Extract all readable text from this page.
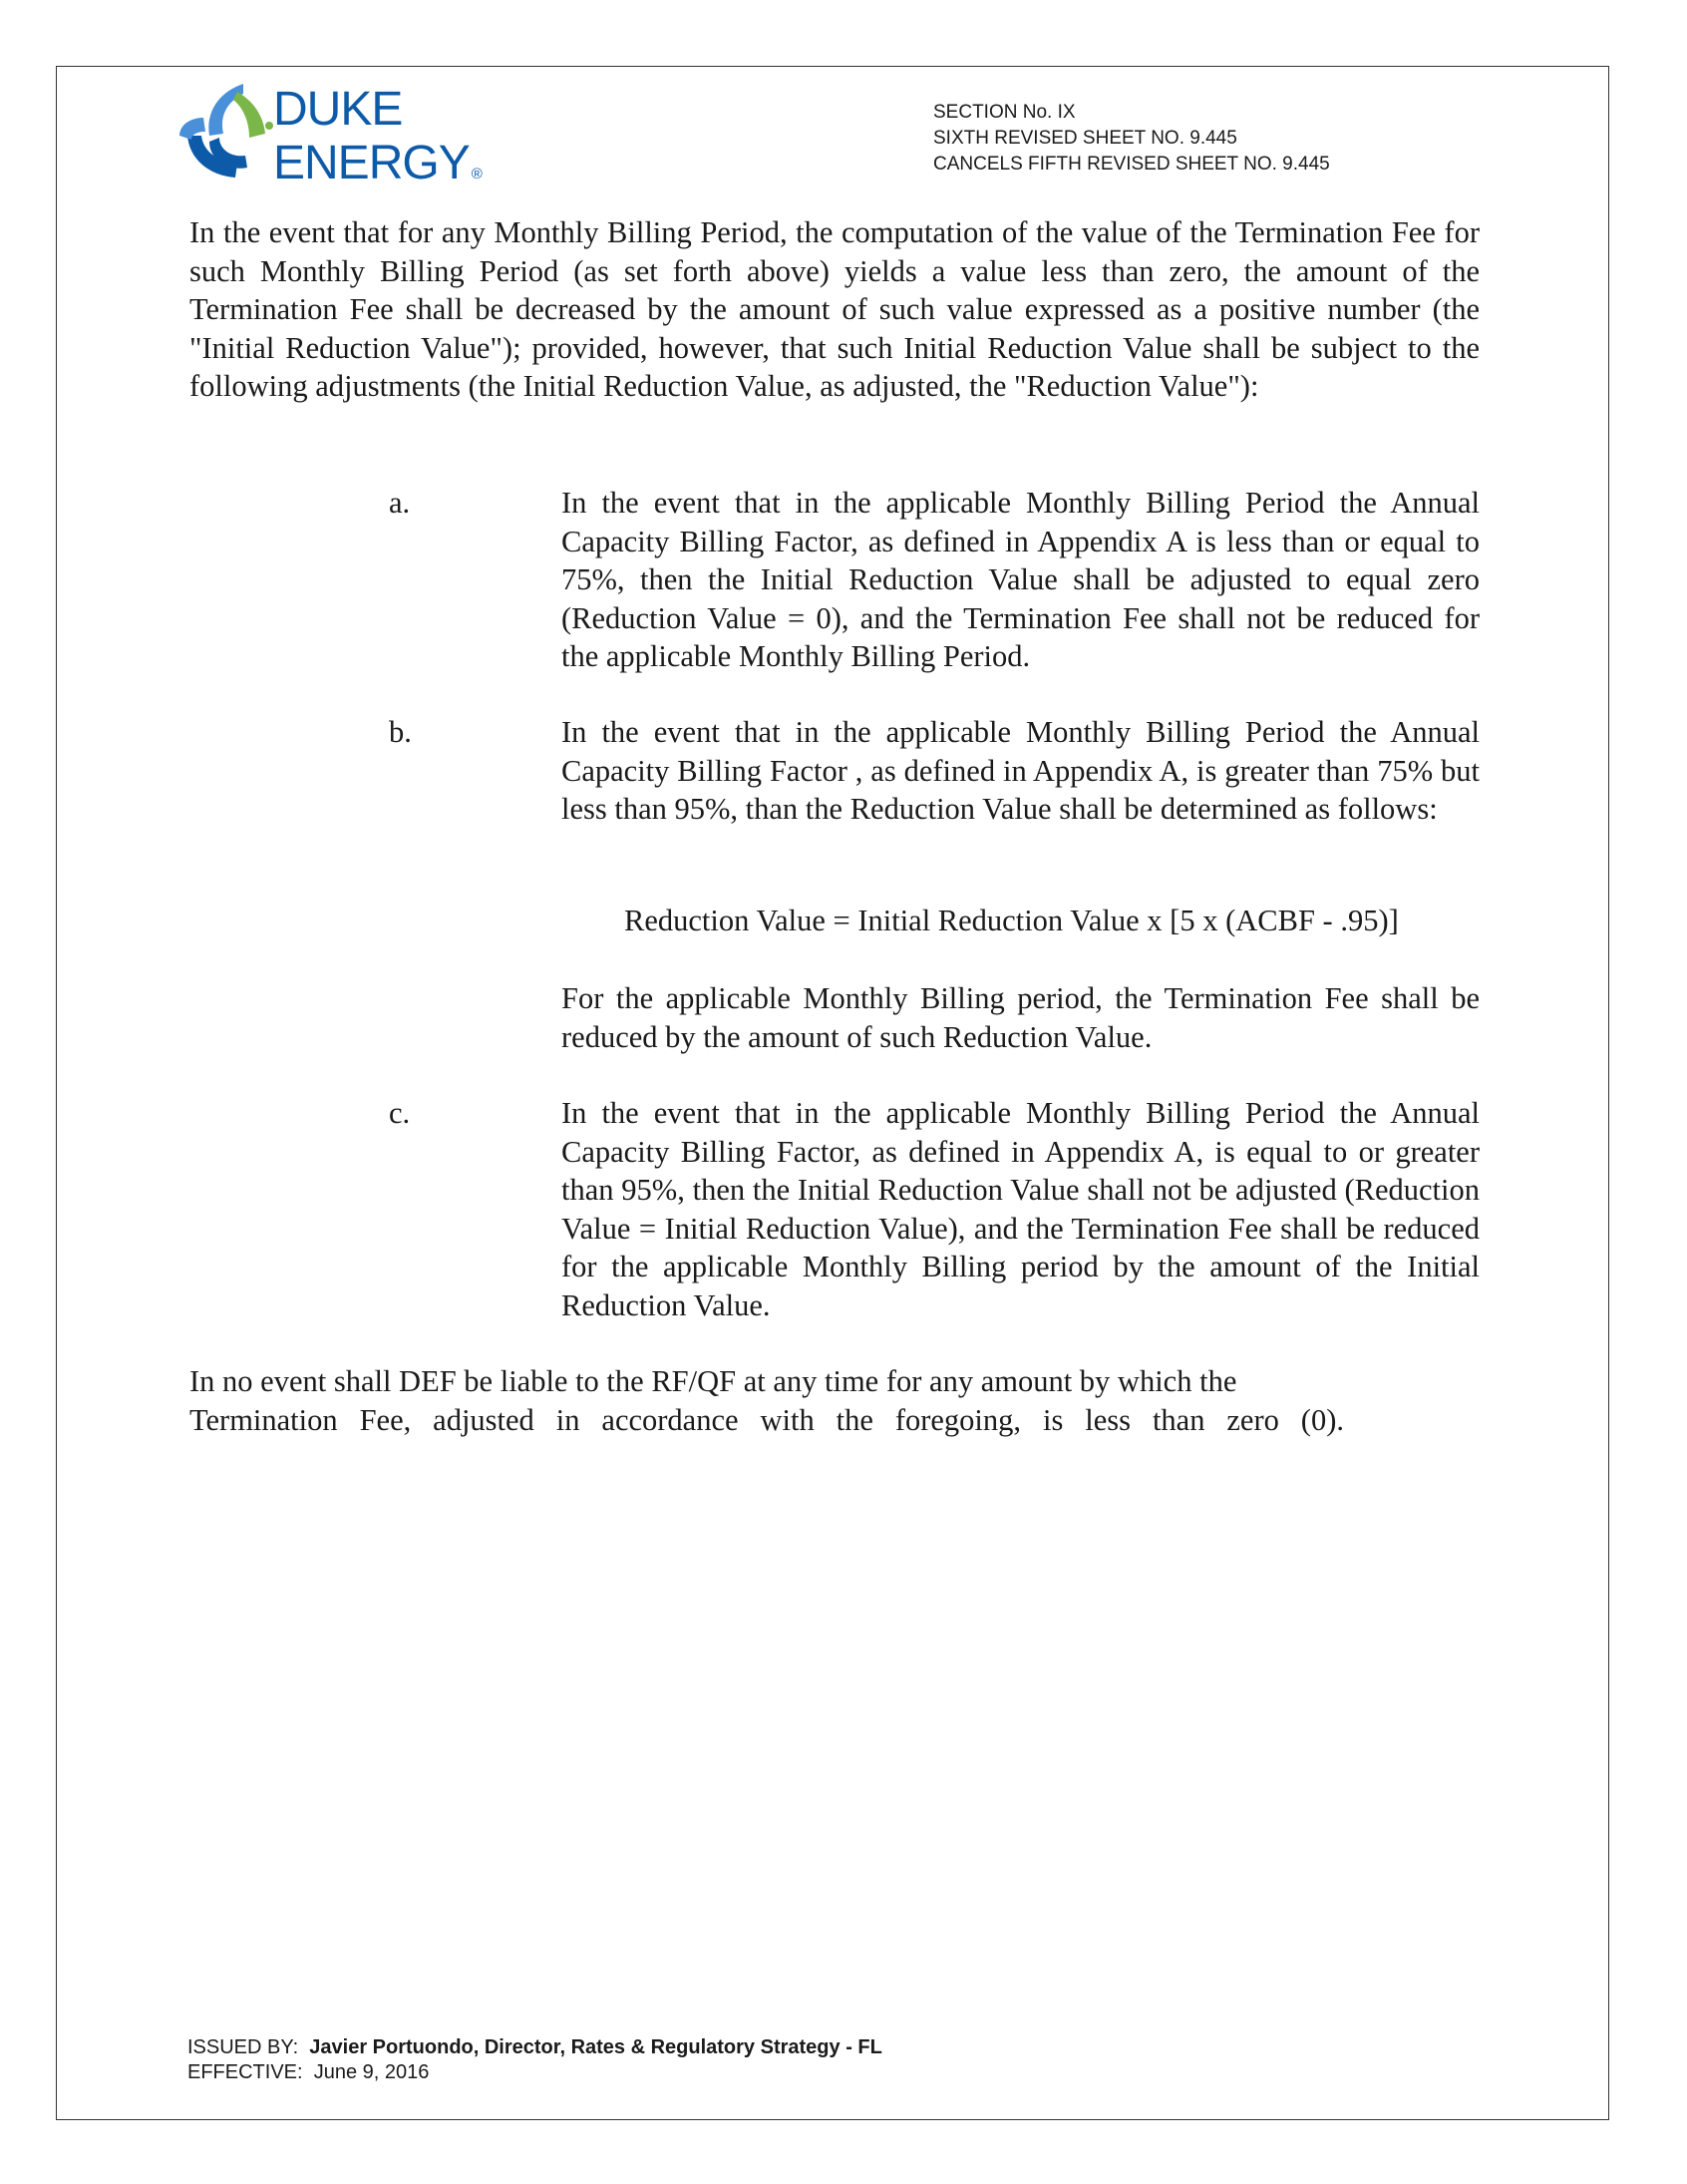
DUKE
ENERGY ®
SECTION No. IX
SIXTH REVISED SHEET NO. 9.445
CANCELS FIFTH REVISED SHEET NO. 9.445

In the event that for any Monthly Billing Period, the computation of the value of the Termination Fee for such Monthly Billing Period (as set forth above) yields a value less than zero, the amount of the Termination Fee shall be decreased by the amount of such value expressed as a positive number (the "Initial Reduction Value"); provided, however, that such Initial Reduction Value shall be subject to the following adjustments (the Initial Reduction Value, as adjusted, the "Reduction Value"):

a.	In the event that in the applicable Monthly Billing Period the Annual Capacity Billing Factor, as defined in Appendix A is less than or equal to 75%, then the Initial Reduction Value shall be adjusted to equal zero (Reduction Value = 0), and the Termination Fee shall not be reduced for the applicable Monthly Billing Period.

b.	In the event that in the applicable Monthly Billing Period the Annual Capacity Billing Factor , as defined in Appendix A, is greater than 75% but less than 95%, than the Reduction Value shall be determined as follows:

Reduction Value = Initial Reduction Value x [5 x (ACBF - .95)]

For the applicable Monthly Billing period, the Termination Fee shall be reduced by the amount of such Reduction Value.

c.	In the event that in the applicable Monthly Billing Period the Annual Capacity Billing Factor, as defined in Appendix A, is equal to or greater than 95%, then the Initial Reduction Value shall not be adjusted (Reduction Value = Initial Reduction Value), and the Termination Fee shall be reduced for the applicable Monthly Billing period by the amount of the Initial Reduction Value.

In no event shall DEF be liable to the RF/QF at any time for any amount by which the
Termination Fee, adjusted in accordance with the foregoing, is less than zero (0).
ISSUED BY: Javier Portuondo, Director, Rates & Regulatory Strategy - FL
EFFECTIVE: June 9, 2016
